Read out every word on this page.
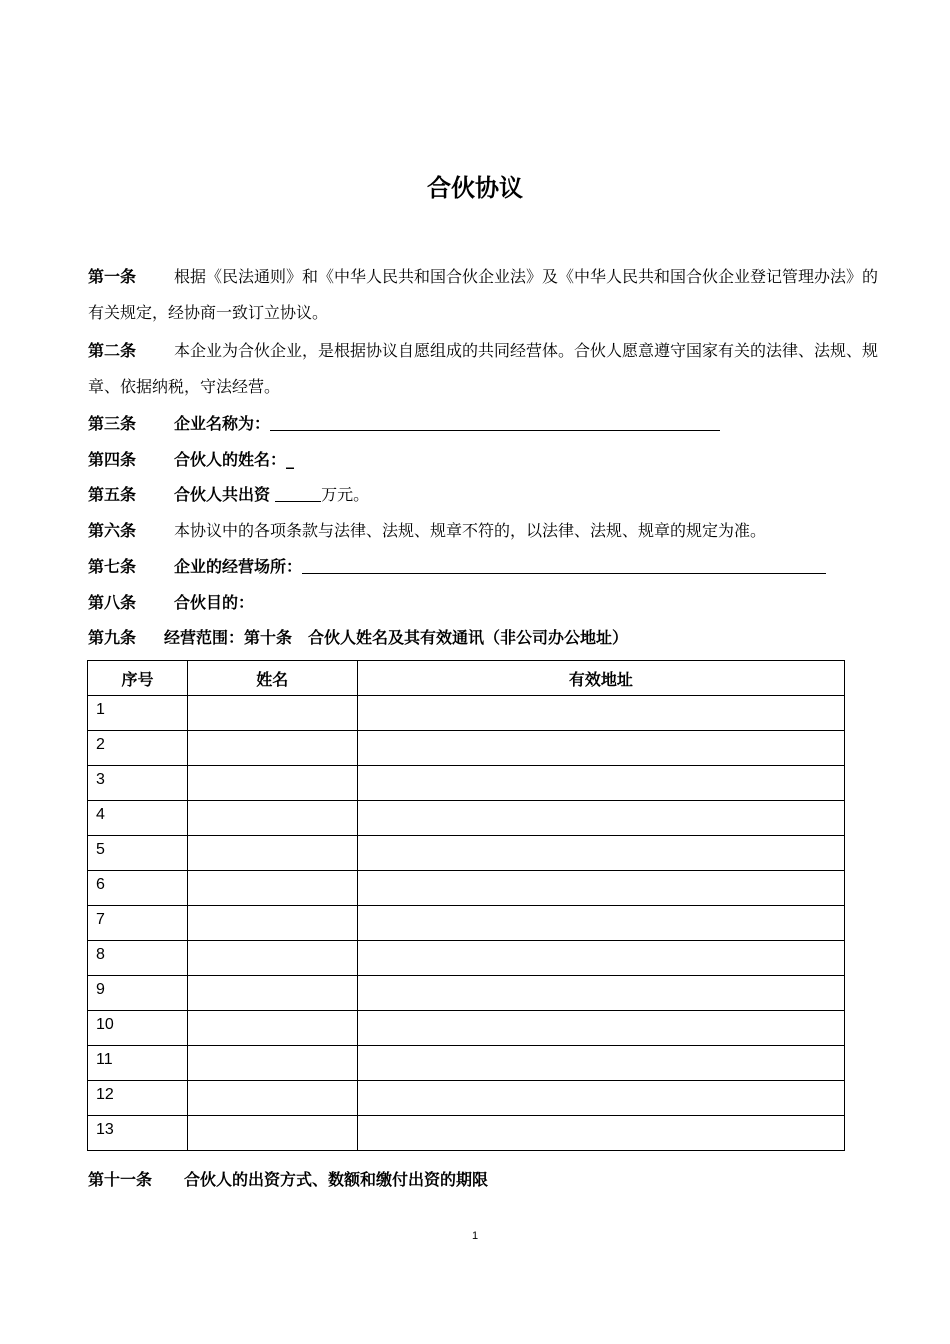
合伙协议
第一条 根据《民法通则》和《中华人民共和国合伙企业法》及《中华人民共和国合伙企业登记管理办法》的有关规定，经协商一致订立协议。
第二条 本企业为合伙企业，是根据协议自愿组成的共同经营体。合伙人愿意遵守国家有关的法律、法规、规章、依据纳税，守法经营。
第三条 企业名称为：
第四条 合伙人的姓名：_
第五条 合伙人共出资	万元。
第六条 本协议中的各项条款与法律、法规、规章不符的，以法律、法规、规章的规定为准。
第七条 企业的经营场所：
第八条 合伙目的：
第九条 经营范围：第十条　合伙人姓名及其有效通讯（非公司办公地址）
序号	姓名	有效地址
1		
2		
3		
4		
5		
6		
7		
8		
9		
10		
11		
12		
13		
第十一条 合伙人的出资方式、数额和缴付出资的期限
1
